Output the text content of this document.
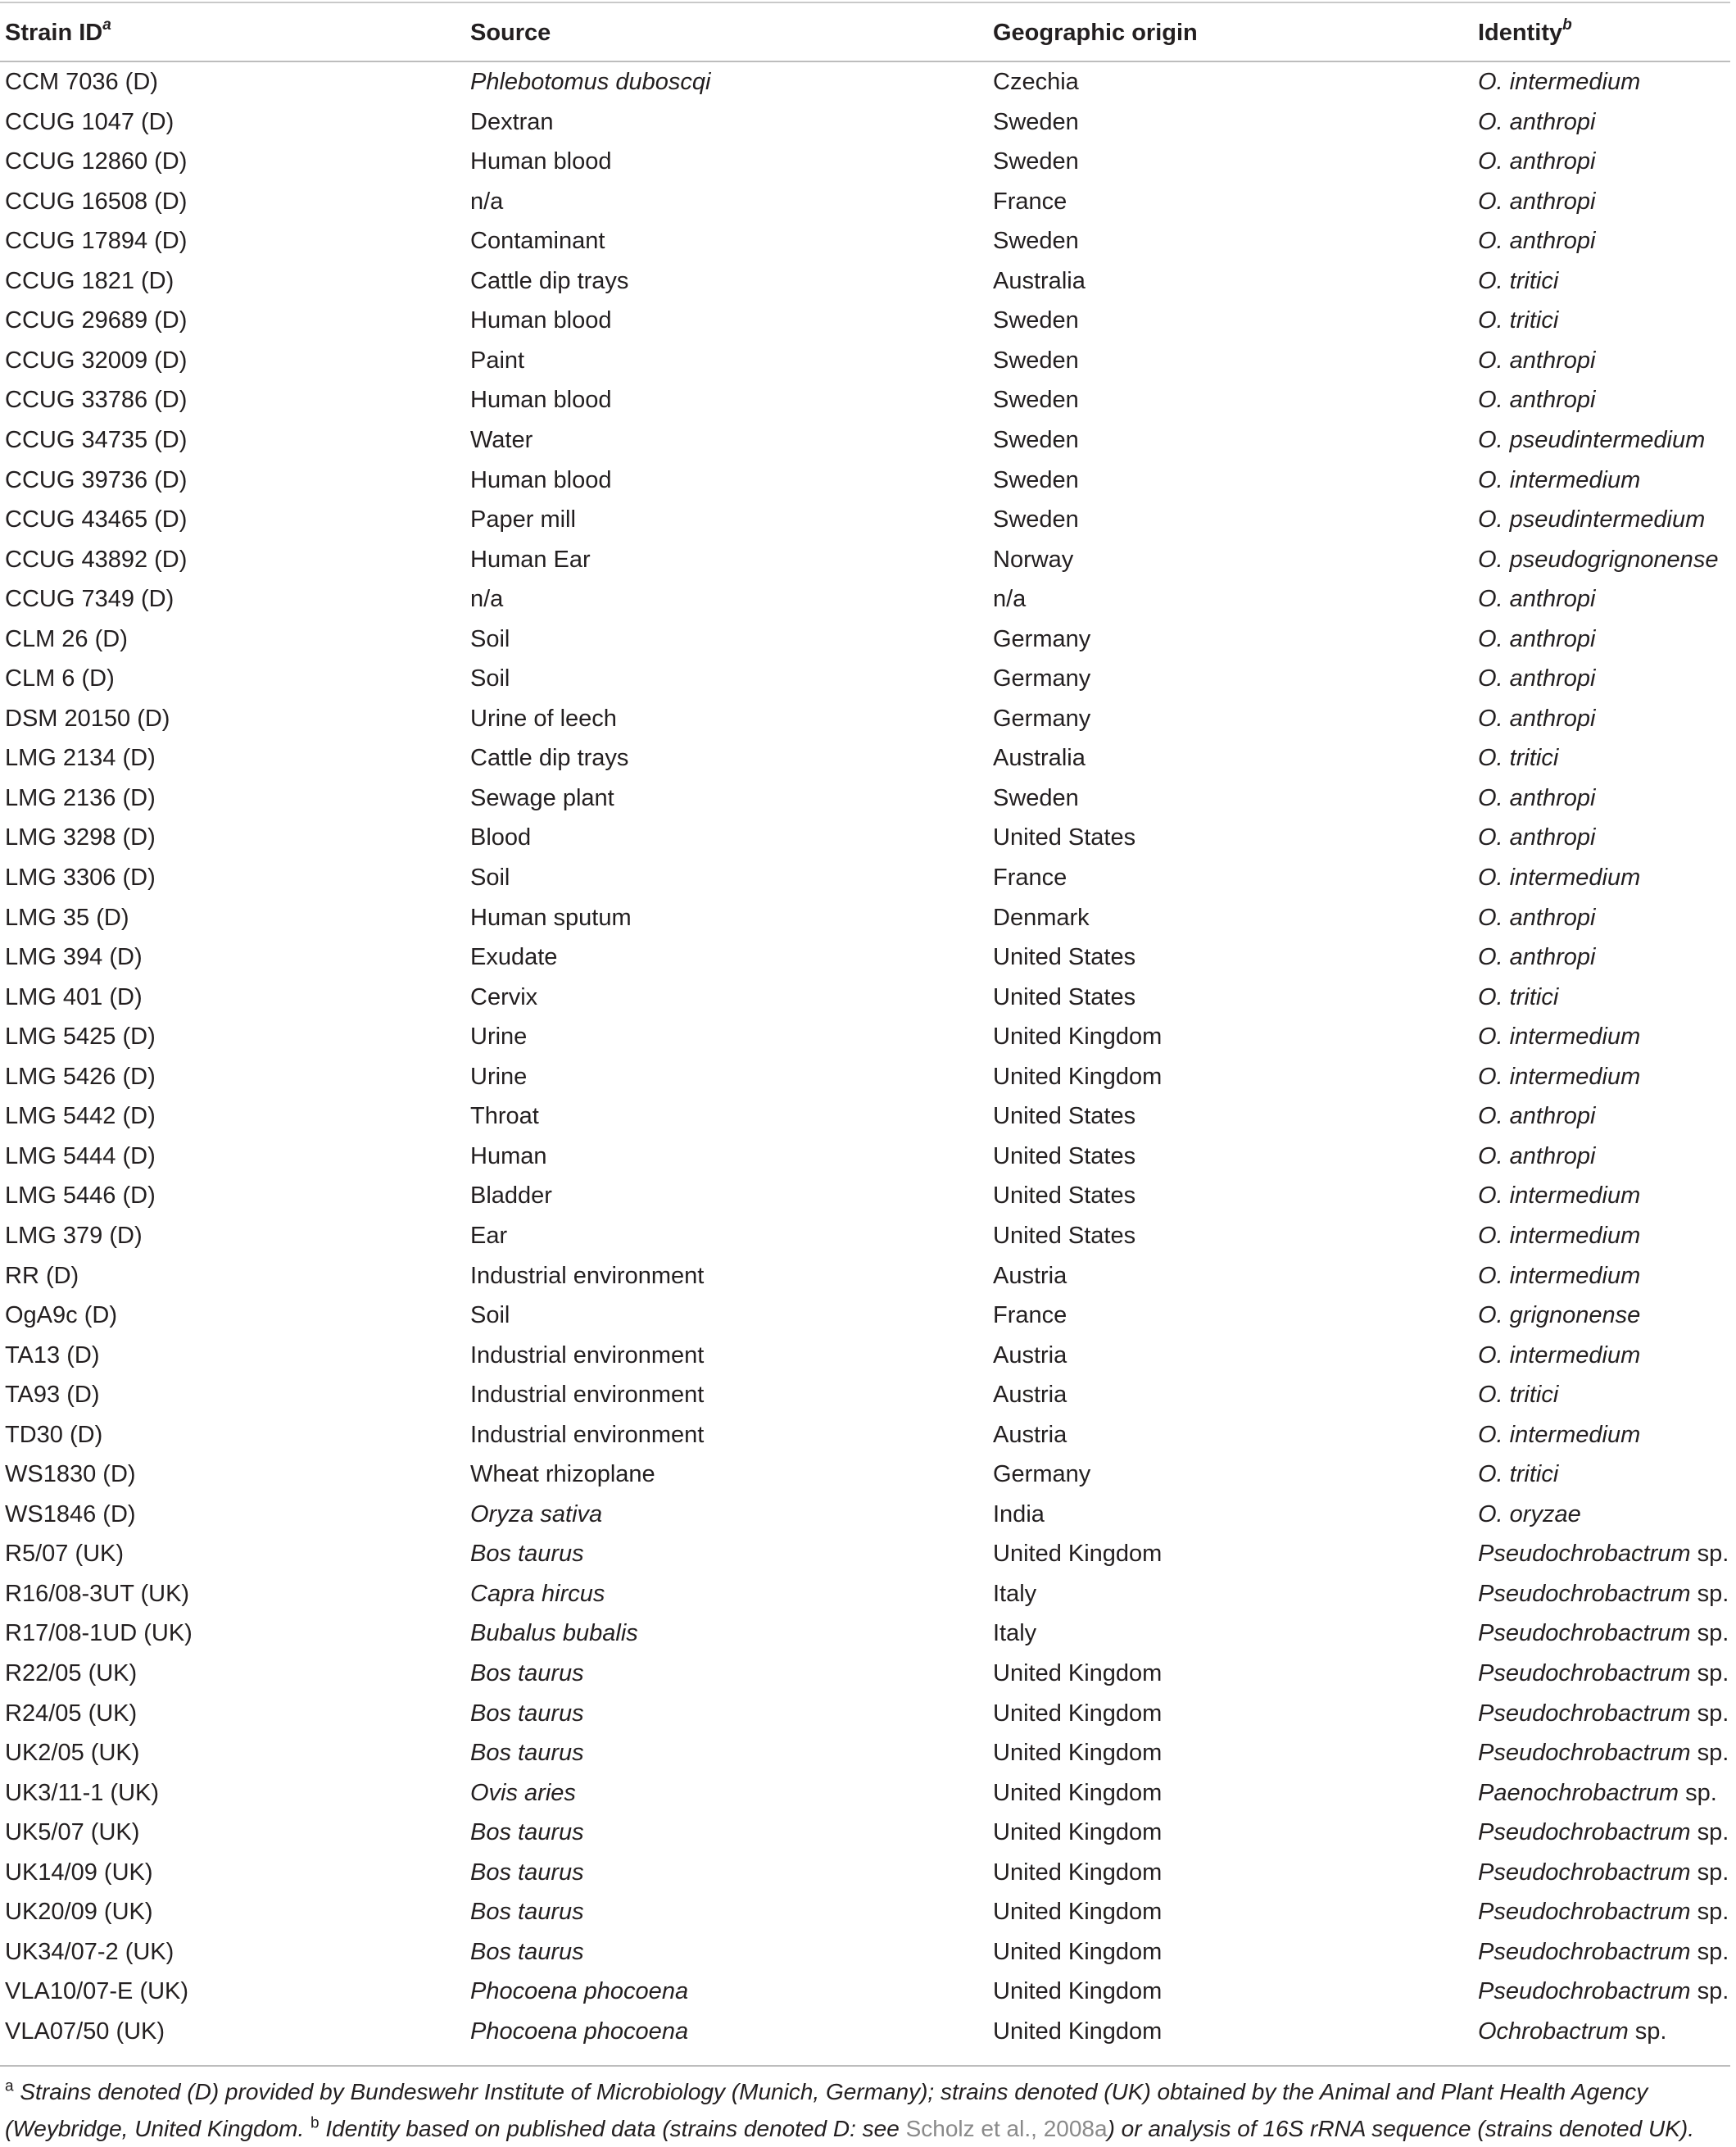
Strain $ID^a$	Source	Geographic origin	Identity$^b$
CCM 7036 (D)	Phlebotomus duboscqi	Czechia	O. intermedium
CCUG 1047 (D)	Dextran	Sweden	O. anthropi
CCUG 12860 (D)	Human blood	Sweden	O. anthropi
CCUG 16508 (D)	n/a	France	O. anthropi
CCUG 17894 (D)	Contaminant	Sweden	O. anthropi
CCUG 1821 (D)	Cattle dip trays	Australia	O. tritici
CCUG 29689 (D)	Human blood	Sweden	O. tritici
CCUG 32009 (D)	Paint	Sweden	O. anthropi
CCUG 33786 (D)	Human blood	Sweden	O. anthropi
CCUG 34735 (D)	Water	Sweden	O. pseudintermedium
CCUG 39736 (D)	Human blood	Sweden	O. intermedium
CCUG 43465 (D)	Paper mill	Sweden	O. pseudintermedium
CCUG 43892 (D)	Human Ear	Norway	O. pseudogrignonense
CCUG 7349 (D)	n/a	n/a	O. anthropi
CLM 26 (D)	Soil	Germany	O. anthropi
CLM 6 (D)	Soil	Germany	O. anthropi
DSM 20150 (D)	Urine of leech	Germany	O. anthropi
LMG 2134 (D)	Cattle dip trays	Australia	O. tritici
LMG 2136 (D)	Sewage plant	Sweden	O. anthropi
LMG 3298 (D)	Blood	United States	O. anthropi
LMG 3306 (D)	Soil	France	O. intermedium
LMG 35 (D)	Human sputum	Denmark	O. anthropi
LMG 394 (D)	Exudate	United States	O. anthropi
LMG 401 (D)	Cervix	United States	O. tritici
LMG 5425 (D)	Urine	United Kingdom	O. intermedium
LMG 5426 (D)	Urine	United Kingdom	O. intermedium
LMG 5442 (D)	Throat	United States	O. anthropi
LMG 5444 (D)	Human	United States	O. anthropi
LMG 5446 (D)	Bladder	United States	O. intermedium
LMG 379 (D)	Ear	United States	O. intermedium
RR (D)	Industrial environment	Austria	O. intermedium
OgA9c (D)	Soil	France	O. grignonense
TA13 (D)	Industrial environment	Austria	O. intermedium
TA93 (D)	Industrial environment	Austria	O. tritici
TD30 (D)	Industrial environment	Austria	O. intermedium
WS1830 (D)	Wheat rhizoplane	Germany	O. tritici
WS1846 (D)	Oryza sativa	India	O. oryzae
R5/07 (UK)	Bos taurus	United Kingdom	Pseudochrobactrum sp.
R16/08-3UT (UK)	Capra hircus	Italy	Pseudochrobactrum sp.
R17/08-1UD (UK)	Bubalus bubalis	Italy	Pseudochrobactrum sp.
R22/05 (UK)	Bos taurus	United Kingdom	Pseudochrobactrum sp.
R24/05 (UK)	Bos taurus	United Kingdom	Pseudochrobactrum sp.
UK2/05 (UK)	Bos taurus	United Kingdom	Pseudochrobactrum sp.
UK3/11-1 (UK)	Ovis aries	United Kingdom	Paenochrobactrum sp.
UK5/07 (UK)	Bos taurus	United Kingdom	Pseudochrobactrum sp.
UK14/09 (UK)	Bos taurus	United Kingdom	Pseudochrobactrum sp.
UK20/09 (UK)	Bos taurus	United Kingdom	Pseudochrobactrum sp.
UK34/07-2 (UK)	Bos taurus	United Kingdom	Pseudochrobactrum sp.
VLA10/07-E (UK)	Phocoena phocoena	United Kingdom	Pseudochrobactrum sp.
VLA07/50 (UK)	Phocoena phocoena	United Kingdom	Ochrobactrum sp.
$^a$ Strains denoted (D) provided by Bundeswehr Institute of Microbiology (Munich, Germany); strains denoted (UK) obtained by the Animal and Plant Health Agency (Weybridge, United Kingdom. $^b$ Identity based on published data (strains denoted D: see Scholz et al., 2008a) or analysis of 16S rRNA sequence (strains denoted UK).
